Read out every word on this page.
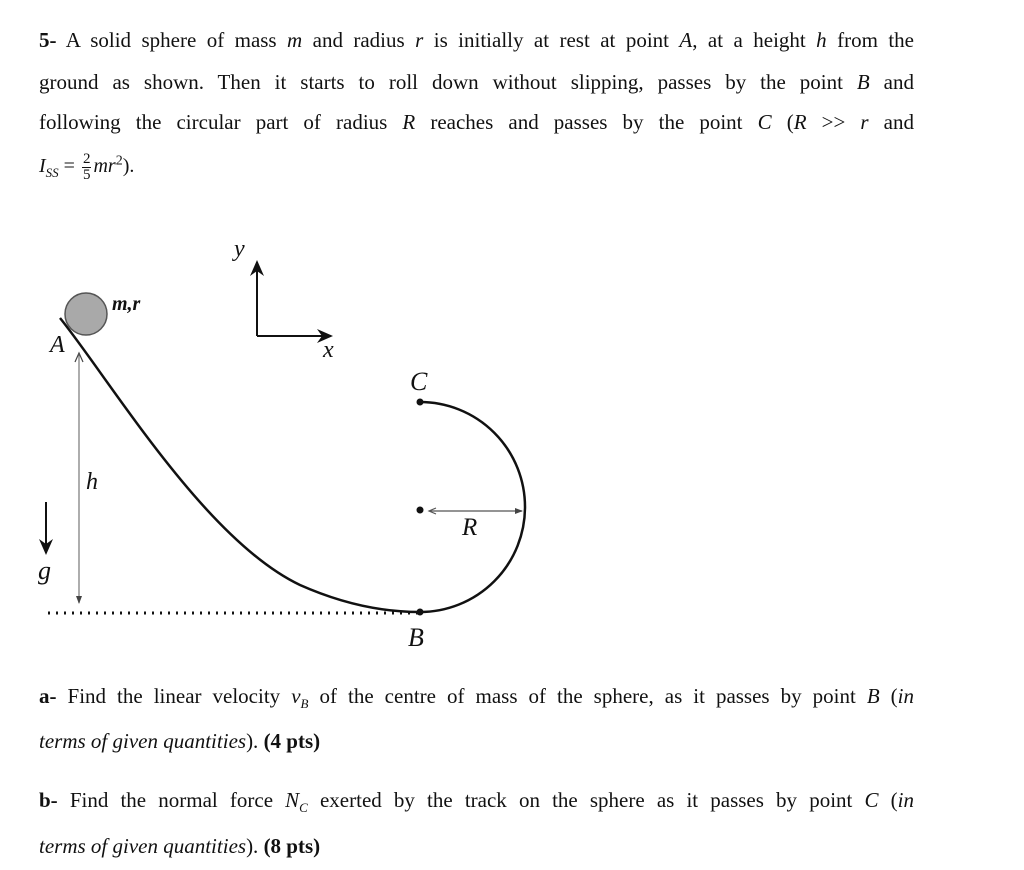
5- A solid sphere of mass m and radius r is initially at rest at point A, at a height h from the
ground as shown. Then it starts to roll down without slipping, passes by the point B and
following the circular part of radius R reaches and passes by the point C (R >> r and
$I_{SS} = \frac{2}{5} mr^2$).
m,r
y
x
A
C
h
R
g
B
a- Find the linear velocity $v_B$ of the centre of mass of the sphere, as it passes by point B (in
terms of given quantities). (4 pts)
b- Find the normal force $N_C$ exerted by the track on the sphere as it passes by point C (in
terms of given quantities). (8 pts)
